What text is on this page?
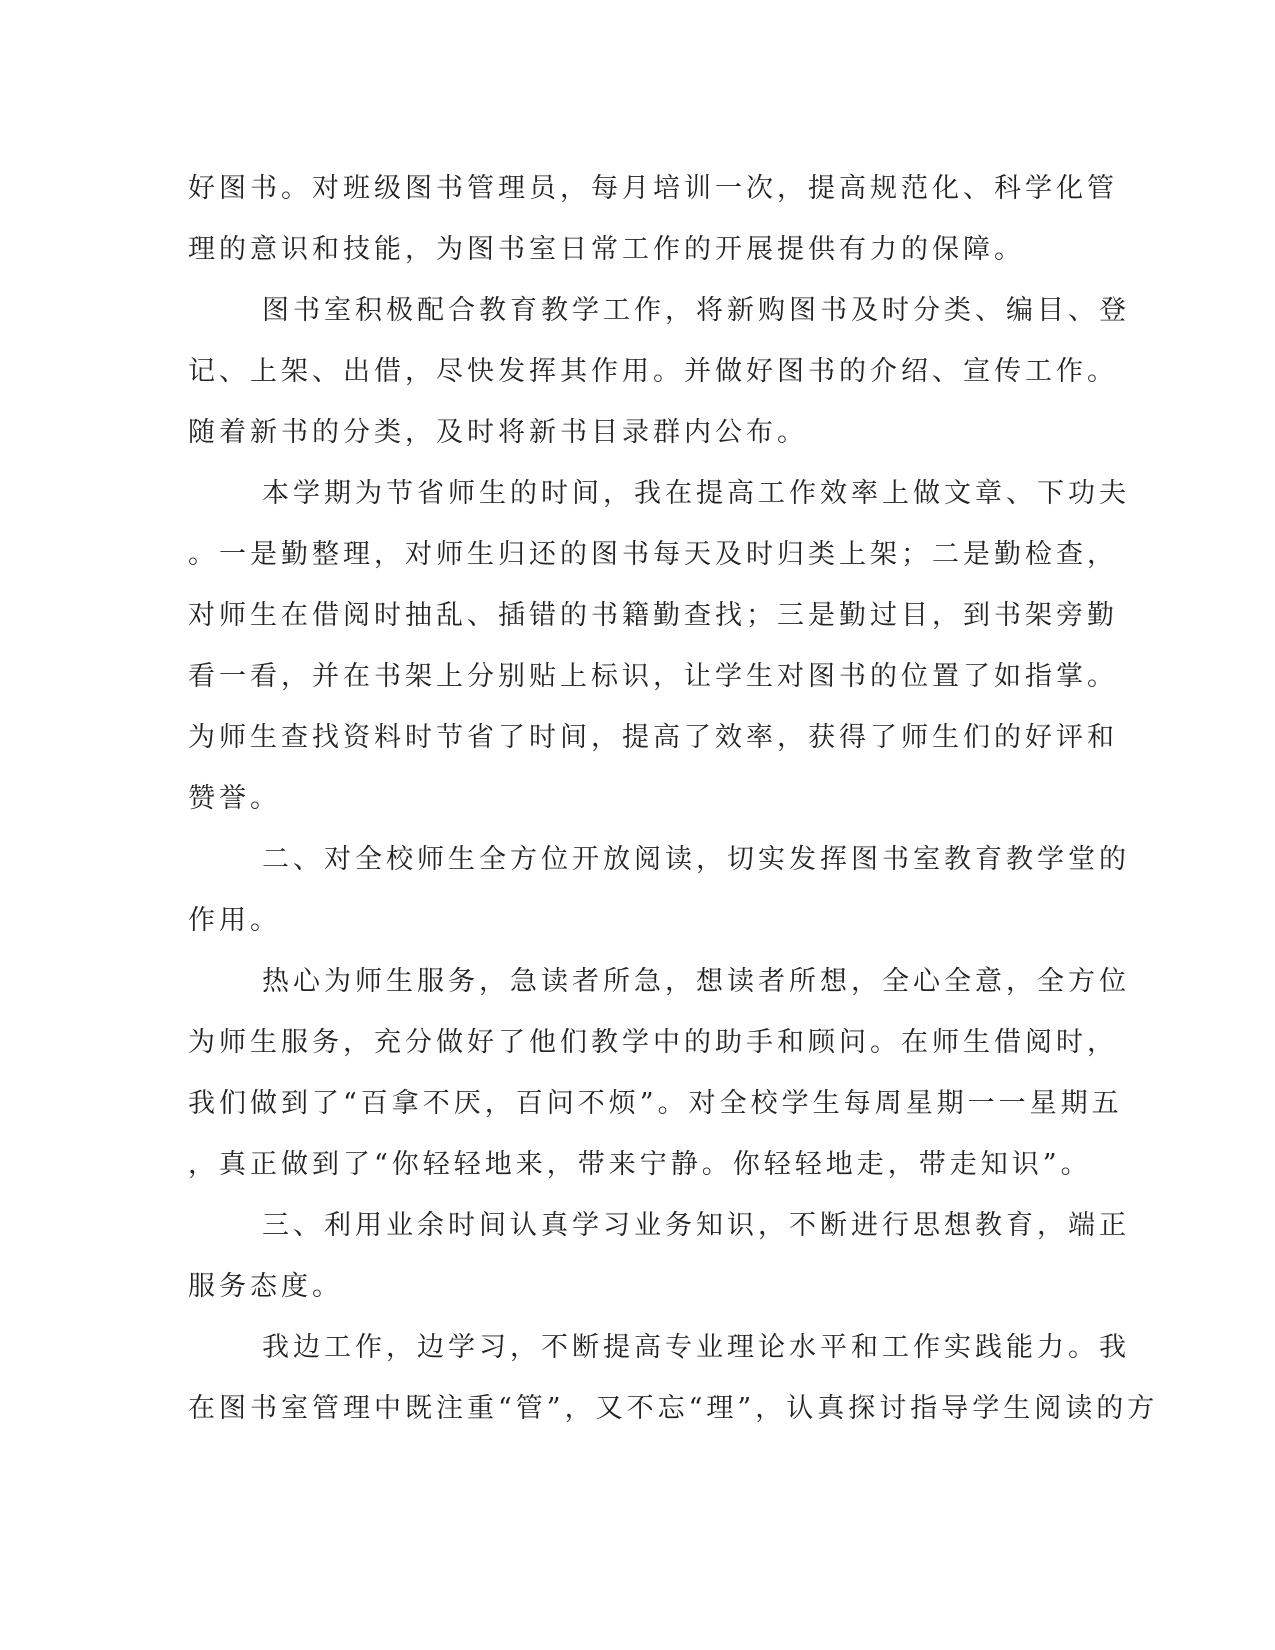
好图书。对班级图书管理员，每月培训一次，提高规范化、科学化管
理的意识和技能，为图书室日常工作的开展提供有力的保障。
图书室积极配合教育教学工作，将新购图书及时分类、编目、登
记、上架、出借，尽快发挥其作用。并做好图书的介绍、宣传工作。
随着新书的分类，及时将新书目录群内公布。
本学期为节省师生的时间，我在提高工作效率上做文章、下功夫
。一是勤整理，对师生归还的图书每天及时归类上架；二是勤检查，
对师生在借阅时抽乱、插错的书籍勤查找；三是勤过目，到书架旁勤
看一看，并在书架上分别贴上标识，让学生对图书的位置了如指掌。
为师生查找资料时节省了时间，提高了效率，获得了师生们的好评和
赞誉。
二、对全校师生全方位开放阅读，切实发挥图书室教育教学堂的
作用。
热心为师生服务，急读者所急，想读者所想，全心全意，全方位
为师生服务，充分做好了他们教学中的助手和顾问。在师生借阅时，
我们做到了“百拿不厌，百问不烦”。对全校学生每周星期一一星期五
，真正做到了“你轻轻地来，带来宁静。你轻轻地走，带走知识”。
三、利用业余时间认真学习业务知识，不断进行思想教育，端正
服务态度。
我边工作，边学习，不断提高专业理论水平和工作实践能力。我
在图书室管理中既注重“管”，又不忘“理”，认真探讨指导学生阅读的方
